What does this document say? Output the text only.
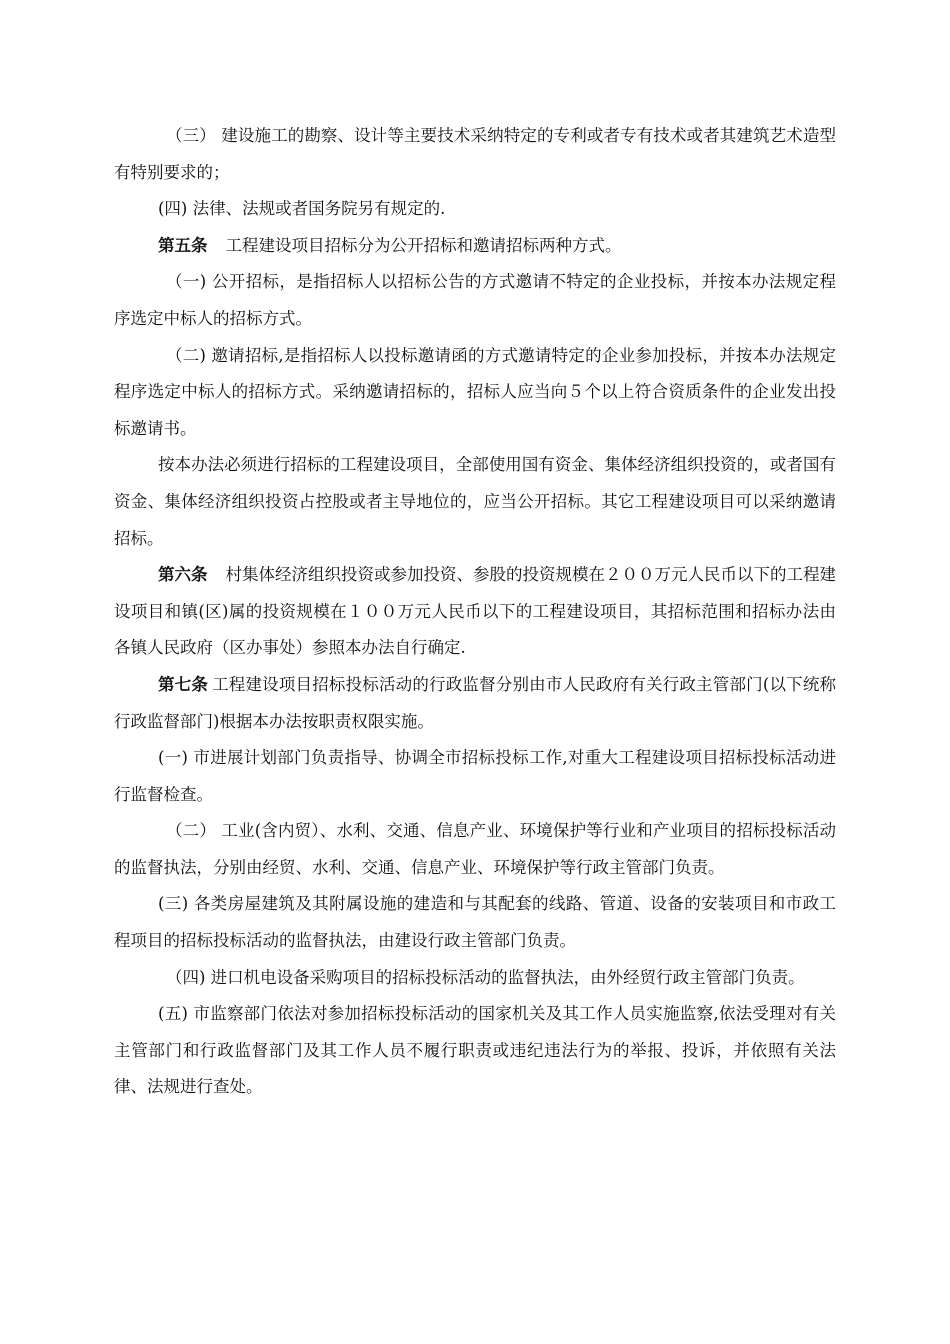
（三） 建设施工的勘察、设计等主要技术采纳特定的专利或者专有技术或者其建筑艺术造型有特别要求的；

(四) 法律、法规或者国务院另有规定的.

第五条 工程建设项目招标分为公开招标和邀请招标两种方式。

（一) 公开招标，是指招标人以招标公告的方式邀请不特定的企业投标，并按本办法规定程序选定中标人的招标方式。

（二) 邀请招标,是指招标人以投标邀请函的方式邀请特定的企业参加投标，并按本办法规定程序选定中标人的招标方式。采纳邀请招标的，招标人应当向５个以上符合资质条件的企业发出投标邀请书。

按本办法必须进行招标的工程建设项目，全部使用国有资金、集体经济组织投资的，或者国有资金、集体经济组织投资占控股或者主导地位的，应当公开招标。其它工程建设项目可以采纳邀请招标。

第六条 村集体经济组织投资或参加投资、参股的投资规模在２００万元人民币以下的工程建设项目和镇(区)属的投资规模在１００万元人民币以下的工程建设项目，其招标范围和招标办法由各镇人民政府（区办事处）参照本办法自行确定.

第七条 工程建设项目招标投标活动的行政监督分别由市人民政府有关行政主管部门(以下统称行政监督部门)根据本办法按职责权限实施。

(一) 市进展计划部门负责指导、协调全市招标投标工作,对重大工程建设项目招标投标活动进行监督检查。

（二） 工业(含内贸）、水利、交通、信息产业、环境保护等行业和产业项目的招标投标活动的监督执法，分别由经贸、水利、交通、信息产业、环境保护等行政主管部门负责。

(三) 各类房屋建筑及其附属设施的建造和与其配套的线路、管道、设备的安装项目和市政工程项目的招标投标活动的监督执法，由建设行政主管部门负责。

（四) 进口机电设备采购项目的招标投标活动的监督执法，由外经贸行政主管部门负责。

(五) 市监察部门依法对参加招标投标活动的国家机关及其工作人员实施监察,依法受理对有关主管部门和行政监督部门及其工作人员不履行职责或违纪违法行为的举报、投诉，并依照有关法律、法规进行查处。
